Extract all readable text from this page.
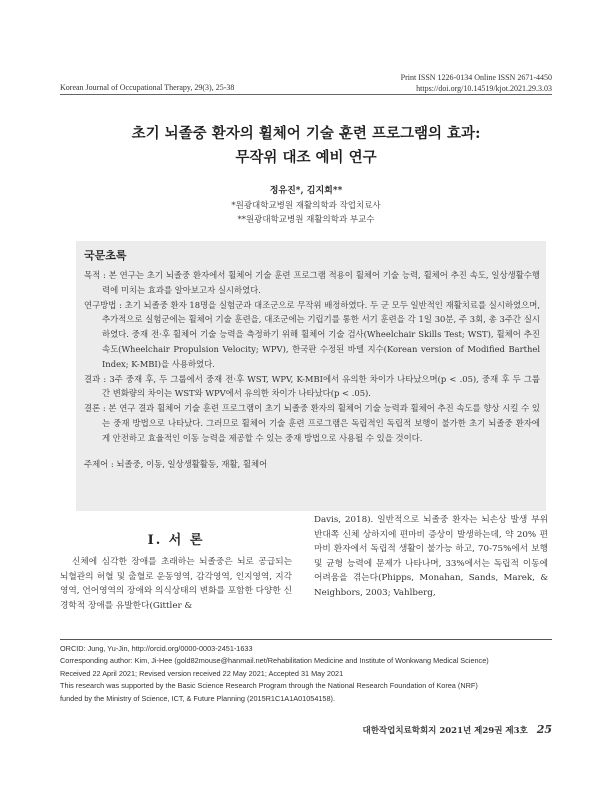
Print ISSN 1226-0134 Online ISSN 2671-4450
https://doi.org/10.14519/kjot.2021.29.3.03
Korean Journal of Occupational Therapy, 29(3), 25-38
초기 뇌졸중 환자의 휠체어 기술 훈련 프로그램의 효과:
무작위 대조 예비 연구
정유진*, 김지희**
*원광대학교병원 재활의학과 작업치료사
**원광대학교병원 재활의학과 부교수
국문초록

목적 : 본 연구는 초기 뇌졸중 환자에서 휠체어 기술 훈련 프로그램 적용이 휠체어 기술 능력, 휠체어 추진 속도, 일상생활수행력에 미치는 효과를 알아보고자 실시하였다.

연구방법 : 초기 뇌졸중 환자 18명을 실험군과 대조군으로 무작위 배정하였다. 두 군 모두 일반적인 재활치료를 실시하였으며, 추가적으로 실험군에는 휠체어 기술 훈련을, 대조군에는 기립기를 통한 서기 훈련을 각 1일 30분, 주 3회, 총 3주간 실시하였다. 중재 전·후 휠체어 기술 능력을 측정하기 위해 휠체어 기술 검사(Wheelchair Skills Test; WST), 휠체어 추진 속도(Wheelchair Propulsion Velocity; WPV), 한국판 수정된 바델 지수(Korean version of Modified Barthel Index; K-MBI)을 사용하였다.

결과 : 3주 중재 후, 두 그룹에서 중재 전·후 WST, WPV, K-MBI에서 유의한 차이가 나타났으며(p < .05), 중재 후 두 그룹 간 변화량의 차이는 WST와 WPV에서 유의한 차이가 나타났다(p < .05).

결론 : 본 연구 결과 휠체어 기술 훈련 프로그램이 초기 뇌졸중 환자의 휠체어 기술 능력과 휠체어 추진 속도를 향상 시킬 수 있는 중재 방법으로 나타났다. 그러므로 휠체어 기술 훈련 프로그램은 독립적인 독립적 보행이 불가한 초기 뇌졸중 환자에게 안전하고 효율적인 이동 능력을 제공할 수 있는 중재 방법으로 사용될 수 있을 것이다.

주제어 : 뇌졸중, 이동, 일상생활활동, 재활, 휠체어
Ⅰ. 서 론
신체에 심각한 장애를 초래하는 뇌졸중은 뇌로 공급되는 뇌혈관의 허혈 및 출혈로 운동영역, 감각영역, 인지영역, 지각영역, 언어영역의 장애와 의식상태의 변화를 포함한 다양한 신경학적 장애를 유발한다(Gittler &
Davis, 2018). 일반적으로 뇌졸중 환자는 뇌손상 발생 부위 반대쪽 신체 상하지에 편마비 증상이 발생하는데, 약 20% 편마비 환자에서 독립적 생활이 불가능 하고, 70-75%에서 보행 및 균형 능력에 문제가 나타나며, 33%에서는 독립적 이동에 어려움을 겪는다(Phipps, Monahan, Sands, Marek, & Neighbors, 2003; Vahlberg,
ORCID: Jung, Yu-Jin, http://orcid.org/0000-0003-2451-1633
Corresponding author: Kim, Ji-Hee (gold82mouse@hanmail.net/Rehabilitation Medicine and Institute of Wonkwang Medical Science)
Received 22 April 2021; Revised version received 22 May 2021; Accepted 31 May 2021
This research was supported by the Basic Science Research Program through the National Research Foundation of Korea (NRF)
funded by the Ministry of Science, ICT, & Future Planning (2015R1C1A1A01054158).
대한작업치료학회지 2021년 제29권 제3호 25
